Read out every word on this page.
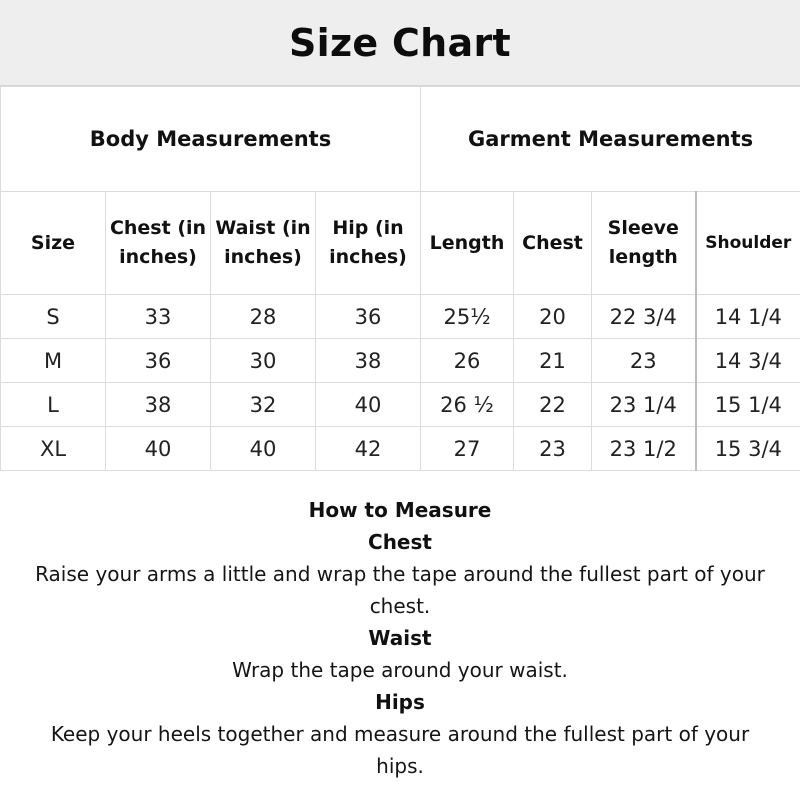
Size Chart
Body Measurements				Garment Measurements			
Size	Chest (in inches)	Waist (in inches)	Hip (in inches)	Length	Chest	Sleeve length	Shoulder
S	33	28	36	25½	20	22 3/4	14 1/4
M	36	30	38	26	21	23	14 3/4
L	38	32	40	26 ½	22	23 1/4	15 1/4
XL	40	40	42	27	23	23 1/2	15 3/4

How to Measure

Chest

Raise your arms a little and wrap the tape around the fullest part of your chest.

Waist

Wrap the tape around your waist.

Hips

Keep your heels together and measure around the fullest part of your hips.
